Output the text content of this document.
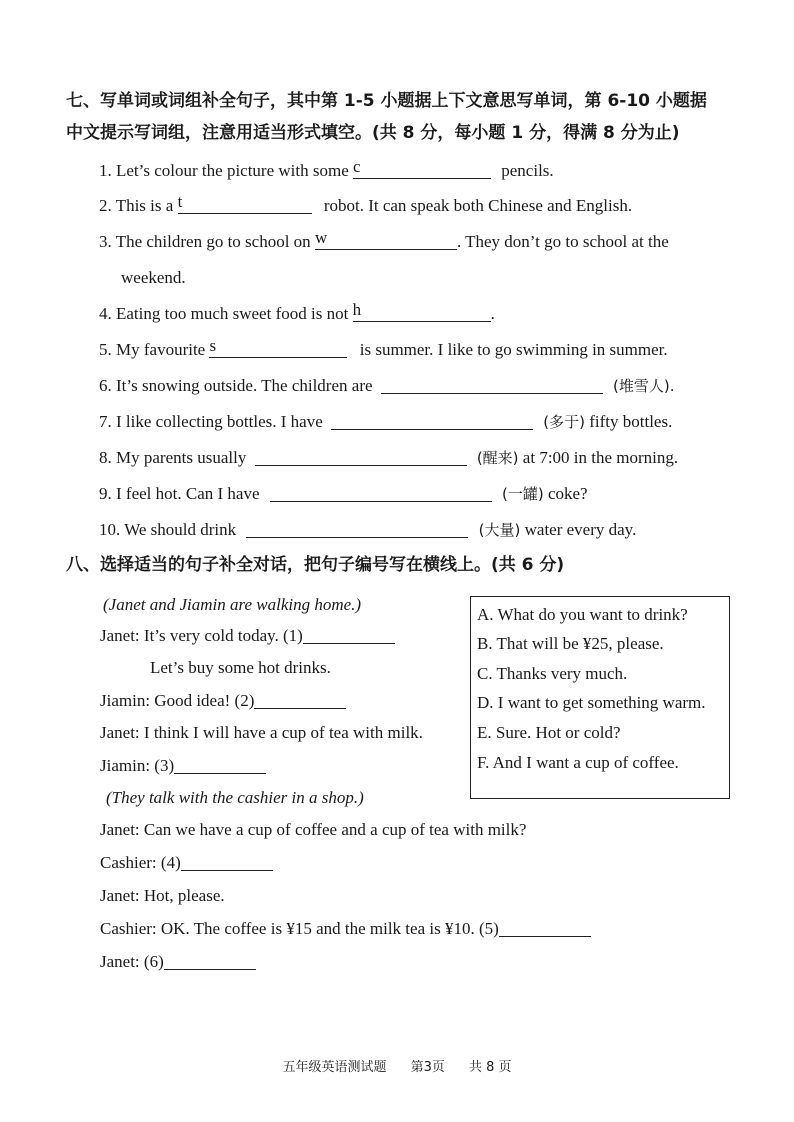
七、写单词或词组补全句子，其中第 1-5 小题据上下文意思写单词，第 6-10 小题据
中文提示写词组，注意用适当形式填空。(共 8 分，每小题 1 分，得满 8 分为止)
1. Let’s colour the picture with some c	pencils.
2. This is a t	robot. It can speak both Chinese and English.
3. The children go to school on w	. They don’t go to school at the
weekend.
4. Eating too much sweet food is not h	.
5. My favourite s	is summer. I like to go swimming in summer.
6. It’s snowing outside. The children are	(堆雪人).
7. I like collecting bottles. I have	(多于) fifty bottles.
8. My parents usually	(醒来) at 7:00 in the morning.
9. I feel hot. Can I have	(一罐) coke?
10. We should drink	(大量) water every day.
八、选择适当的句子补全对话，把句子编号写在横线上。(共 6 分)
(Janet and Jiamin are walking home.)
Janet: It’s very cold today. (1)
Let’s buy some hot drinks.
Jiamin: Good idea! (2)
Janet: I think I will have a cup of tea with milk.
Jiamin: (3)
(They talk with the cashier in a shop.)
Janet: Can we have a cup of coffee and a cup of tea with milk?
Cashier: (4)
Janet: Hot, please.
Cashier: OK. The coffee is ¥15 and the milk tea is ¥10. (5)
Janet: (6)
A. What do you want to drink?
B. That will be ¥25, please.
C. Thanks very much.
D. I want to get something warm.
E. Sure. Hot or cold?
F. And I want a cup of coffee.
五年级英语测试题 第3页 共 8 页
